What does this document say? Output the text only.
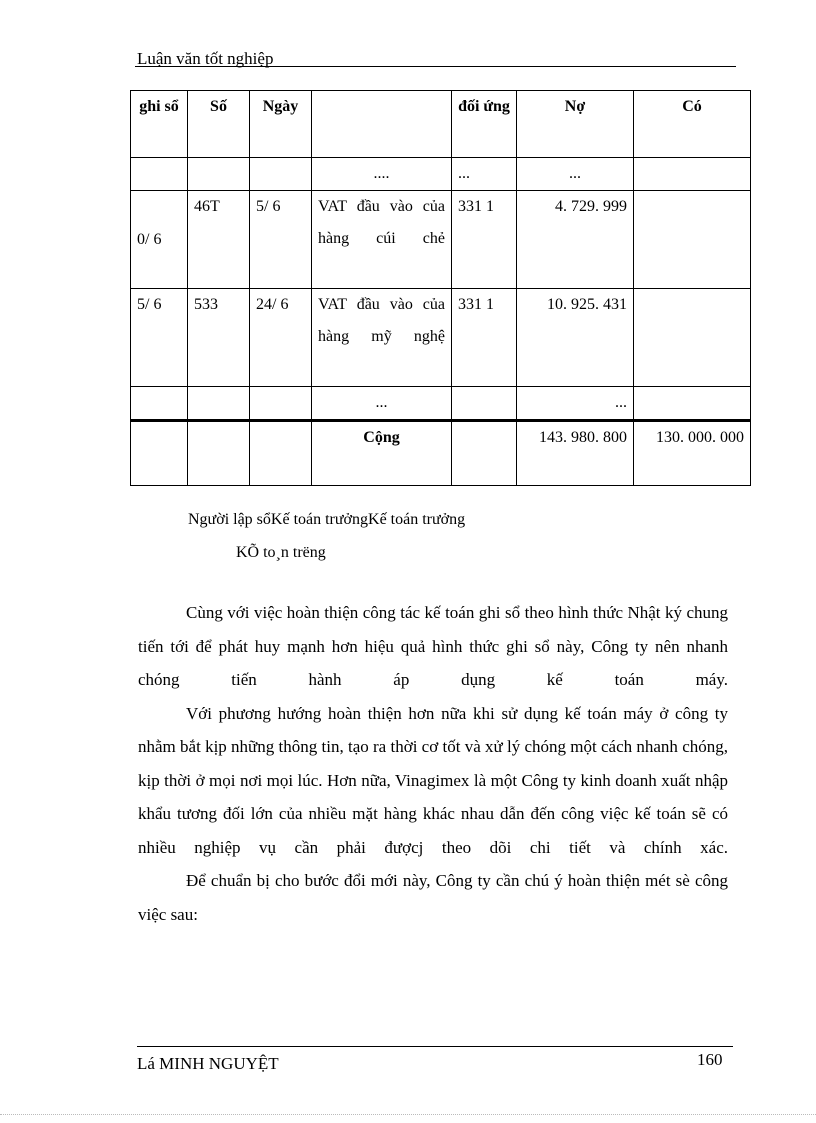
Luận văn tốt nghiệp
ghi sổ	Số	Ngày		đối ứng	Nợ	Có
			....	...	...	
0/ 6	46T	5/ 6	VAT đầu vào của hàng cúi chẻ	331 1	4. 729. 999	
5/ 6	533	24/ 6	VAT đầu vào của hàng mỹ nghệ	331 1	10. 925. 431	
			...		...	
			Cộng		143. 980. 800	130. 000. 000
Người lập sổKế toán trưởngKế toán trưởng
KÕ to¸n trëng

Cùng với việc hoàn thiện công tác kế toán ghi sổ theo hình thức Nhật ký chung tiến tới để phát huy mạnh hơn hiệu quả hình thức ghi sổ này, Công ty nên nhanh chóng tiến hành áp dụng kế toán máy.

Với phương hướng hoàn thiện hơn nữa khi sử dụng kế toán máy ở công ty nhằm bắt kịp những thông tin, tạo ra thời cơ tốt và xử lý chóng một cách nhanh chóng, kịp thời ở mọi nơi mọi lúc. Hơn nữa, Vinagimex là một Công ty kinh doanh xuất nhập khẩu tương đối lớn của nhiều mặt hàng khác nhau dẫn đến công việc kế toán sẽ có nhiều nghiệp vụ cần phải đượcj theo dõi chi tiết và chính xác.

Để chuẩn bị cho bước đổi mới này, Công ty cần chú ý hoàn thiện mét sè công việc sau:

Lá MINH NGUYỆT	160
